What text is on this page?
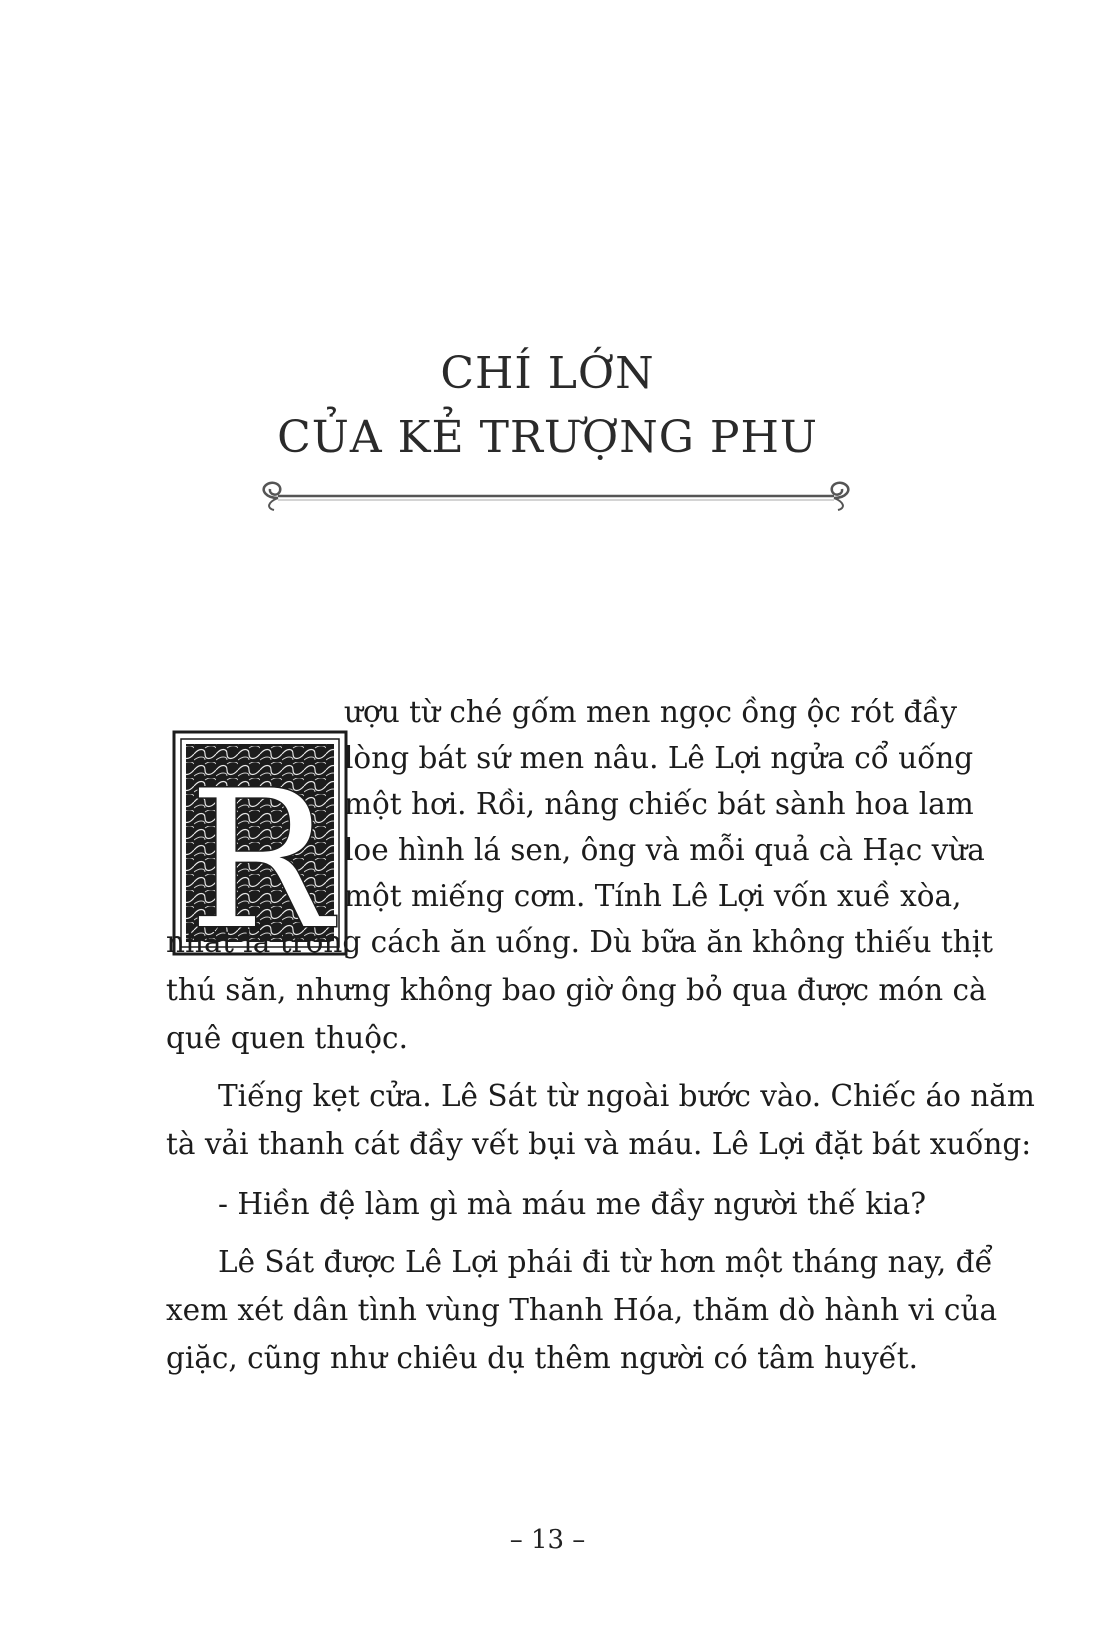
CHÍ LỚN
CỦA KẺ TRƯỢNG PHU
R
ượu từ ché gốm men ngọc ồng ộc rót đầy
lòng bát sứ men nâu. Lê Lợi ngửa cổ uống
một hơi. Rồi, nâng chiếc bát sành hoa lam
loe hình lá sen, ông và mỗi quả cà Hạc vừa
một miếng cơm. Tính Lê Lợi vốn xuề xòa,
nhất là trong cách ăn uống. Dù bữa ăn không thiếu thịt
thú săn, nhưng không bao giờ ông bỏ qua được món cà
quê quen thuộc.
Tiếng kẹt cửa. Lê Sát từ ngoài bước vào. Chiếc áo năm
tà vải thanh cát đầy vết bụi và máu. Lê Lợi đặt bát xuống:
- Hiền đệ làm gì mà máu me đầy người thế kia?
Lê Sát được Lê Lợi phái đi từ hơn một tháng nay, để
xem xét dân tình vùng Thanh Hóa, thăm dò hành vi của
giặc, cũng như chiêu dụ thêm người có tâm huyết.
– 13 –
